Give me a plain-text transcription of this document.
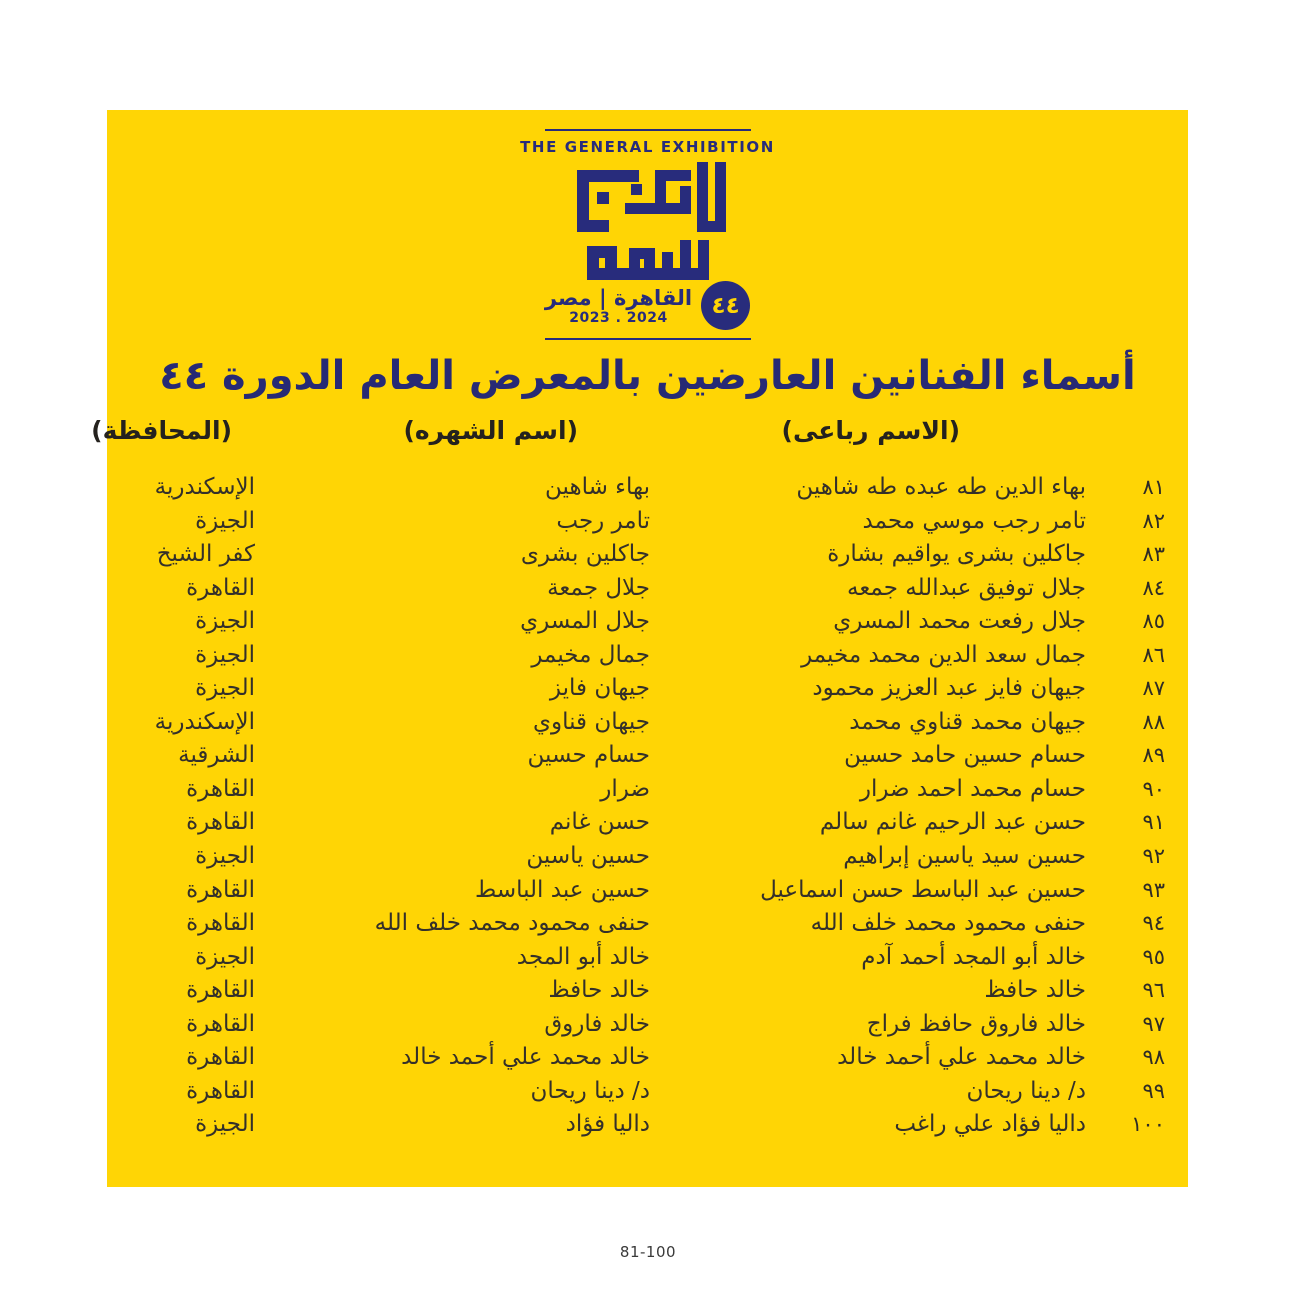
THE GENERAL EXHIBITION
القاهرة | مصر
2023 . 2024	٤٤
أسماء الفنانين العارضين بالمعرض العام الدورة ٤٤
(الاسم رباعى)
(اسم الشهره)
(المحافظة)
٨١
بهاء الدين طه عبده طه شاهين
بهاء شاهين
الإسكندرية
٨٢
تامر رجب موسي محمد
تامر رجب
الجيزة
٨٣
جاكلين بشرى يواقيم بشارة
جاكلين بشرى
كفر الشيخ
٨٤
جلال توفيق عبدالله جمعه
جلال جمعة
القاهرة
٨٥
جلال رفعت محمد المسري
جلال المسري
الجيزة
٨٦
جمال سعد الدين محمد مخيمر
جمال مخيمر
الجيزة
٨٧
جيهان فايز عبد العزيز محمود
جيهان فايز
الجيزة
٨٨
جيهان محمد قناوي محمد
جيهان قناوي
الإسكندرية
٨٩
حسام حسين حامد حسين
حسام حسين
الشرقية
٩٠
حسام محمد احمد ضرار
ضرار
القاهرة
٩١
حسن عبد الرحيم غانم سالم
حسن غانم
القاهرة
٩٢
حسين سيد ياسين إبراهيم
حسين ياسين
الجيزة
٩٣
حسين عبد الباسط حسن اسماعيل
حسين عبد الباسط
القاهرة
٩٤
حنفى محمود محمد خلف الله
حنفى محمود محمد خلف الله
القاهرة
٩٥
خالد أبو المجد أحمد آدم
خالد أبو المجد
الجيزة
٩٦
خالد حافظ
خالد حافظ
القاهرة
٩٧
خالد فاروق حافظ فراج
خالد فاروق
القاهرة
٩٨
خالد محمد علي أحمد خالد
خالد محمد علي أحمد خالد
القاهرة
٩٩
د/ دينا ريحان
د/ دينا ريحان
القاهرة
١٠٠
داليا فؤاد علي راغب
داليا فؤاد
الجيزة
81-100
